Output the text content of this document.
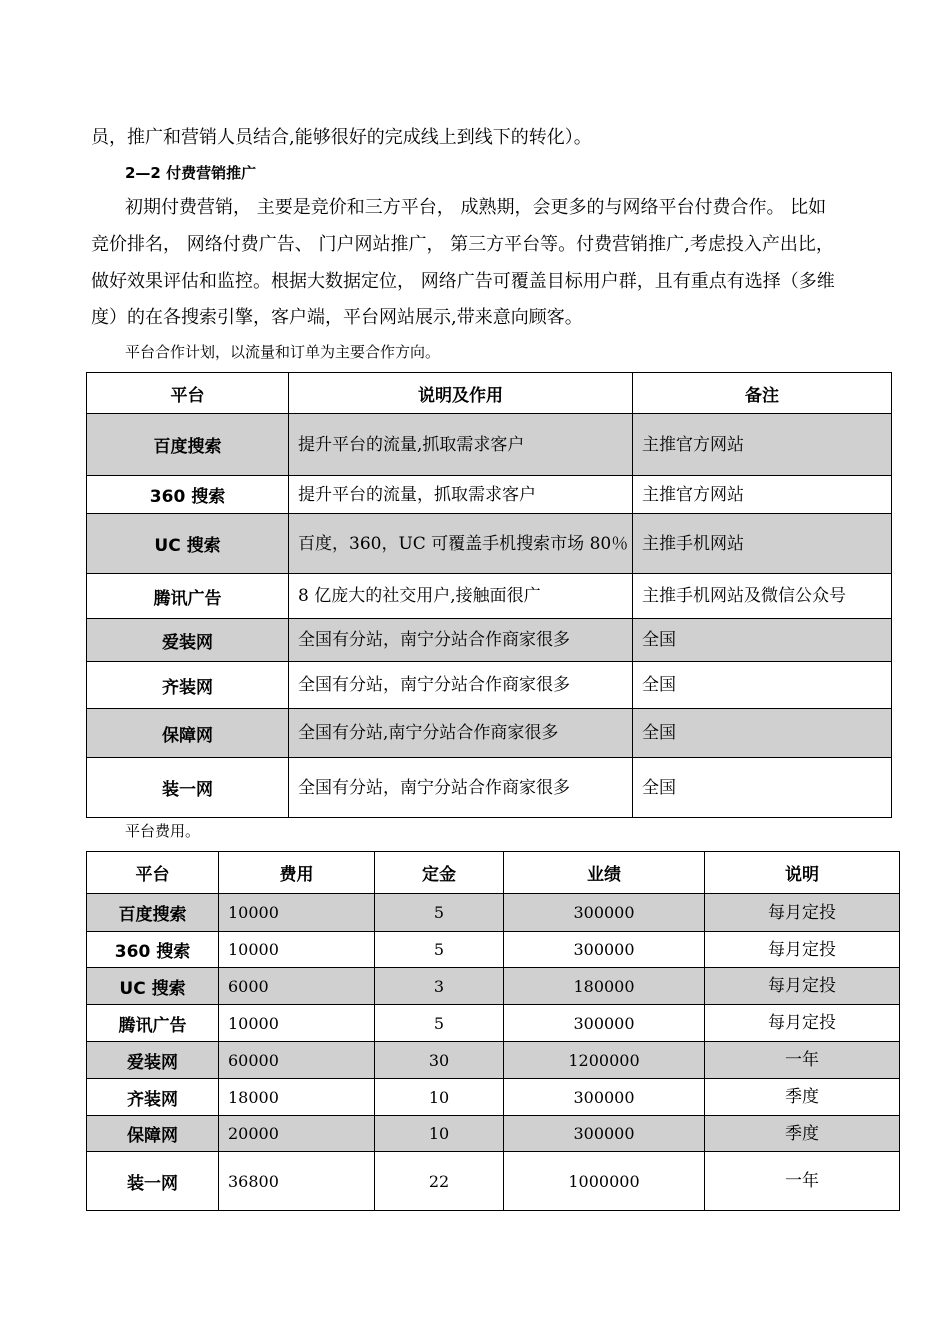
员，推广和营销人员结合,能够很好的完成线上到线下的转化）。
2—2 付费营销推广
初期付费营销， 主要是竞价和三方平台， 成熟期，会更多的与网络平台付费合作。 比如
竞价排名， 网络付费广告、 门户网站推广， 第三方平台等。付费营销推广,考虑投入产出比，
做好效果评估和监控。根据大数据定位， 网络广告可覆盖目标用户群，且有重点有选择（多维
度）的在各搜索引擎，客户端，平台网站展示,带来意向顾客。
平台合作计划，以流量和订单为主要合作方向。
平台	说明及作用	备注
百度搜索	提升平台的流量,抓取需求客户	主推官方网站
360 搜索	提升平台的流量，抓取需求客户	主推官方网站
UC 搜索	百度，360，UC 可覆盖手机搜索市场 80％	主推手机网站
腾讯广告	8 亿庞大的社交用户,接触面很广	主推手机网站及微信公众号
爱装网	全国有分站，南宁分站合作商家很多	全国
齐装网	全国有分站，南宁分站合作商家很多	全国
保障网	全国有分站,南宁分站合作商家很多	全国
装一网	全国有分站，南宁分站合作商家很多	全国
平台费用。
平台	费用	定金	业绩	说明
百度搜索	10000	5	300000	每月定投
360 搜索	10000	5	300000	每月定投
UC 搜索	6000	3	180000	每月定投
腾讯广告	10000	5	300000	每月定投
爱装网	60000	30	1200000	一年
齐装网	18000	10	300000	季度
保障网	20000	10	300000	季度
装一网	36800	22	1000000	一年
